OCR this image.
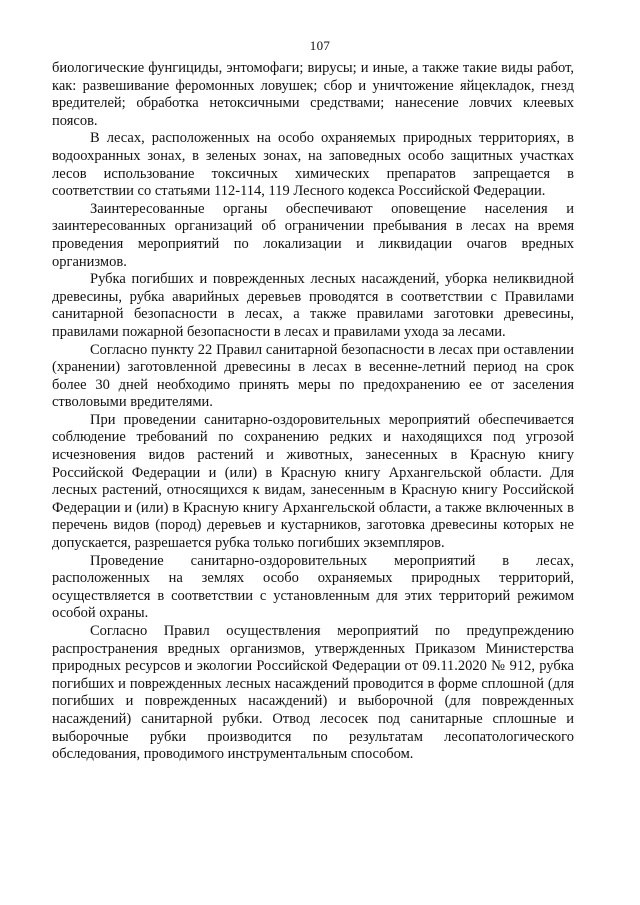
107

биологические фунгициды, энтомофаги; вирусы; и иные, а также такие виды работ, как: развешивание феромонных ловушек; сбор и уничтожение яйцекладок, гнезд вредителей; обработка нетоксичными средствами; нанесение ловчих клеевых поясов.

В лесах, расположенных на особо охраняемых природных территориях, в водоохранных зонах, в зеленых зонах, на заповедных особо защитных участках лесов использование токсичных химических препаратов запрещается в соответствии со статьями 112-114, 119 Лесного кодекса Российской Федерации.

Заинтересованные органы обеспечивают оповещение населения и заинтересованных организаций об ограничении пребывания в лесах на время проведения мероприятий по локализации и ликвидации очагов вредных организмов.

Рубка погибших и поврежденных лесных насаждений, уборка неликвидной древесины, рубка аварийных деревьев проводятся в соответствии с Правилами санитарной безопасности в лесах, а также правилами заготовки древесины, правилами пожарной безопасности в лесах и правилами ухода за лесами.

Согласно пункту 22 Правил санитарной безопасности в лесах при оставлении (хранении) заготовленной древесины в лесах в весенне-летний период на срок более 30 дней необходимо принять меры по предохранению ее от заселения стволовыми вредителями.

При проведении санитарно-оздоровительных мероприятий обеспечивается соблюдение требований по сохранению редких и находящихся под угрозой исчезновения видов растений и животных, занесенных в Красную книгу Российской Федерации и (или) в Красную книгу Архангельской области. Для лесных растений, относящихся к видам, занесенным в Красную книгу Российской Федерации и (или) в Красную книгу Архангельской области, а также включенных в перечень видов (пород) деревьев и кустарников, заготовка древесины которых не допускается, разрешается рубка только погибших экземпляров.

Проведение санитарно-оздоровительных мероприятий в лесах, расположенных на землях особо охраняемых природных территорий, осуществляется в соответствии с установленным для этих территорий режимом особой охраны.

Согласно Правил осуществления мероприятий по предупреждению распространения вредных организмов, утвержденных Приказом Министерства природных ресурсов и экологии Российской Федерации от 09.11.2020 № 912, рубка погибших и поврежденных лесных насаждений проводится в форме сплошной (для погибших и поврежденных насаждений) и выборочной (для поврежденных насаждений) санитарной рубки. Отвод лесосек под санитарные сплошные и выборочные рубки производится по результатам лесопатологического обследования, проводимого инструментальным способом.
